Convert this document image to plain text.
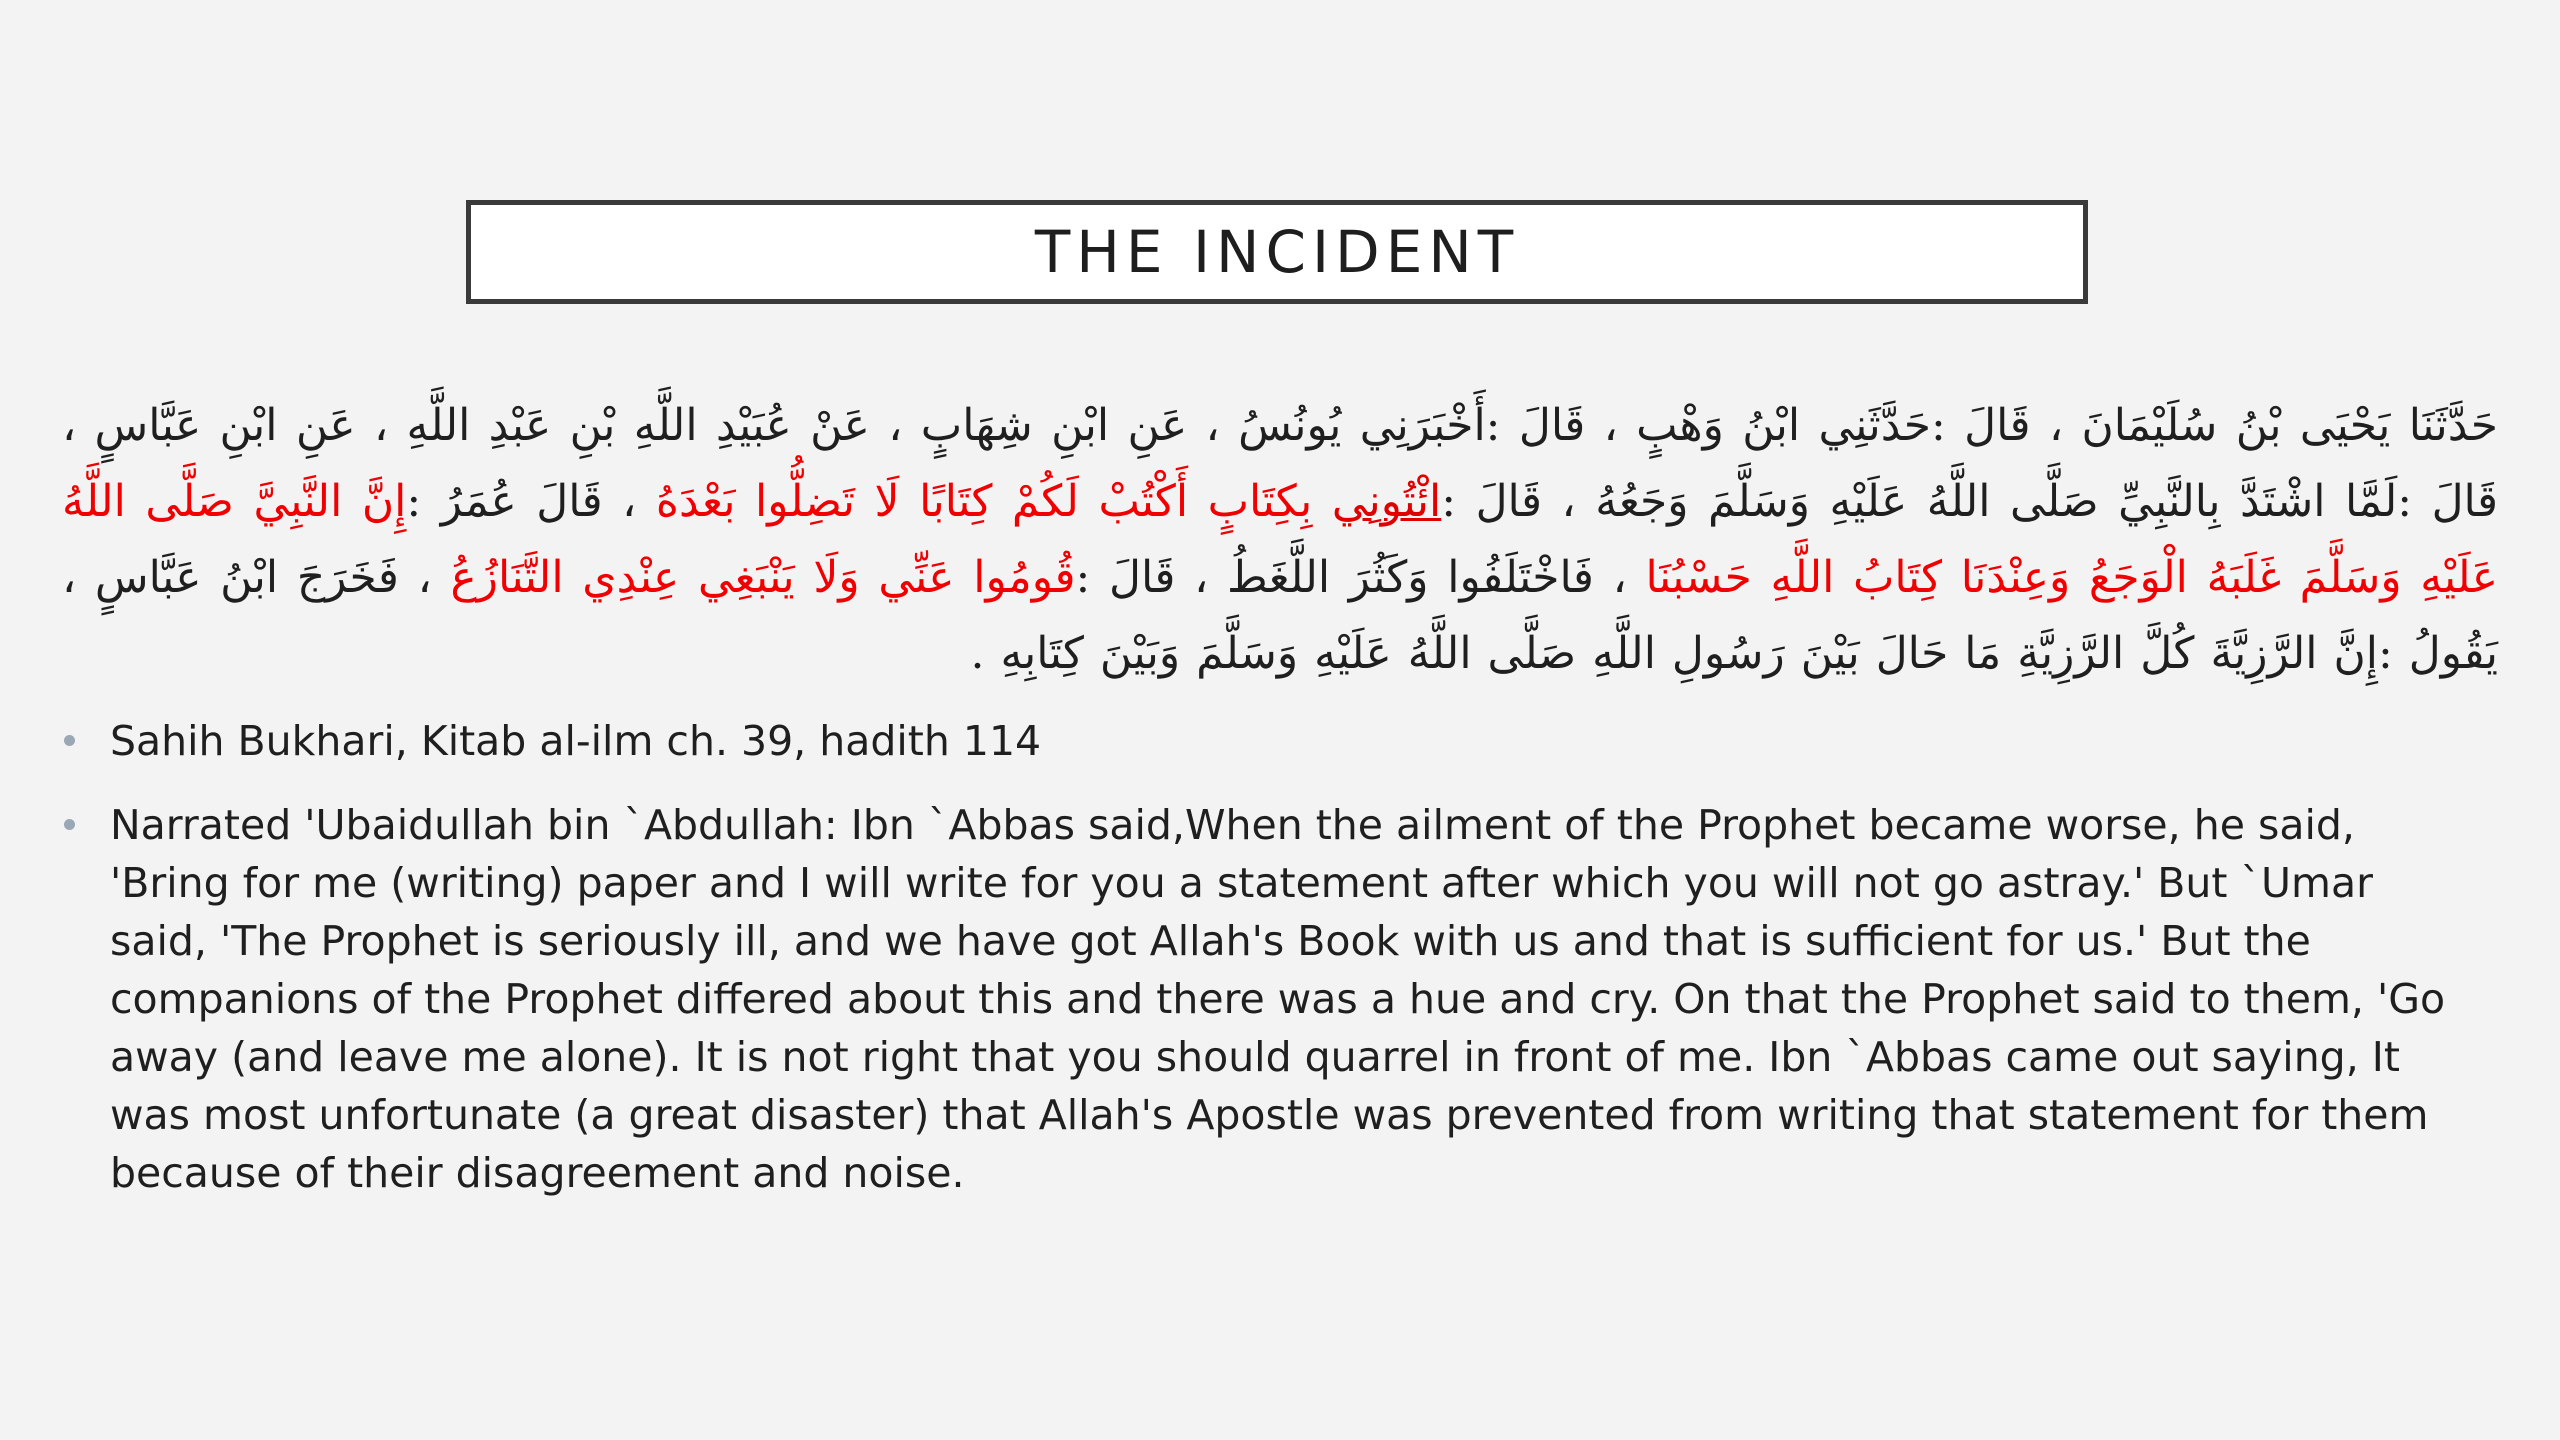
THE INCIDENT
حَدَّثَنَا يَحْيَى بْنُ سُلَيْمَانَ ، قَالَ :حَدَّثَنِي ابْنُ وَهْبٍ ، قَالَ :أَخْبَرَنِي يُونُسُ ، عَنِ ابْنِ شِهَابٍ ، عَنْ عُبَيْدِ اللَّهِ بْنِ عَبْدِ اللَّهِ ، عَنِ ابْنِ عَبَّاسٍ ، قَالَ :لَمَّا اشْتَدَّ بِالنَّبِيِّ صَلَّى اللَّهُ عَلَيْهِ وَسَلَّمَ وَجَعُهُ ، قَالَ :ائْتُونِي بِكِتَابٍ أَكْتُبْ لَكُمْ كِتَابًا لَا تَضِلُّوا بَعْدَهُ ، قَالَ عُمَرُ :إِنَّ النَّبِيَّ صَلَّى اللَّهُ عَلَيْهِ وَسَلَّمَ غَلَبَهُ الْوَجَعُ وَعِنْدَنَا كِتَابُ اللَّهِ حَسْبُنَا ، فَاخْتَلَفُوا وَكَثُرَ اللَّغَطُ ، قَالَ :قُومُوا عَنِّي وَلَا يَنْبَغِي عِنْدِي التَّنَازُعُ ، فَخَرَجَ ابْنُ عَبَّاسٍ ، يَقُولُ :إِنَّ الرَّزِيَّةَ كُلَّ الرَّزِيَّةِ مَا حَالَ بَيْنَ رَسُولِ اللَّهِ صَلَّى اللَّهُ عَلَيْهِ وَسَلَّمَ وَبَيْنَ كِتَابِهِ .
Sahih Bukhari, Kitab al-ilm ch. 39, hadith 114
Narrated 'Ubaidullah bin `Abdullah: Ibn `Abbas said,When the ailment of the Prophet became worse, he said, 'Bring for me (writing) paper and I will write for you a statement after which you will not go astray.' But `Umar said, 'The Prophet is seriously ill, and we have got Allah's Book with us and that is sufficient for us.' But the companions of the Prophet differed about this and there was a hue and cry. On that the Prophet said to them, 'Go away (and leave me alone). It is not right that you should quarrel in front of me. Ibn `Abbas came out saying, It was most unfortunate (a great disaster) that Allah's Apostle was prevented from writing that statement for them because of their disagreement and noise.
